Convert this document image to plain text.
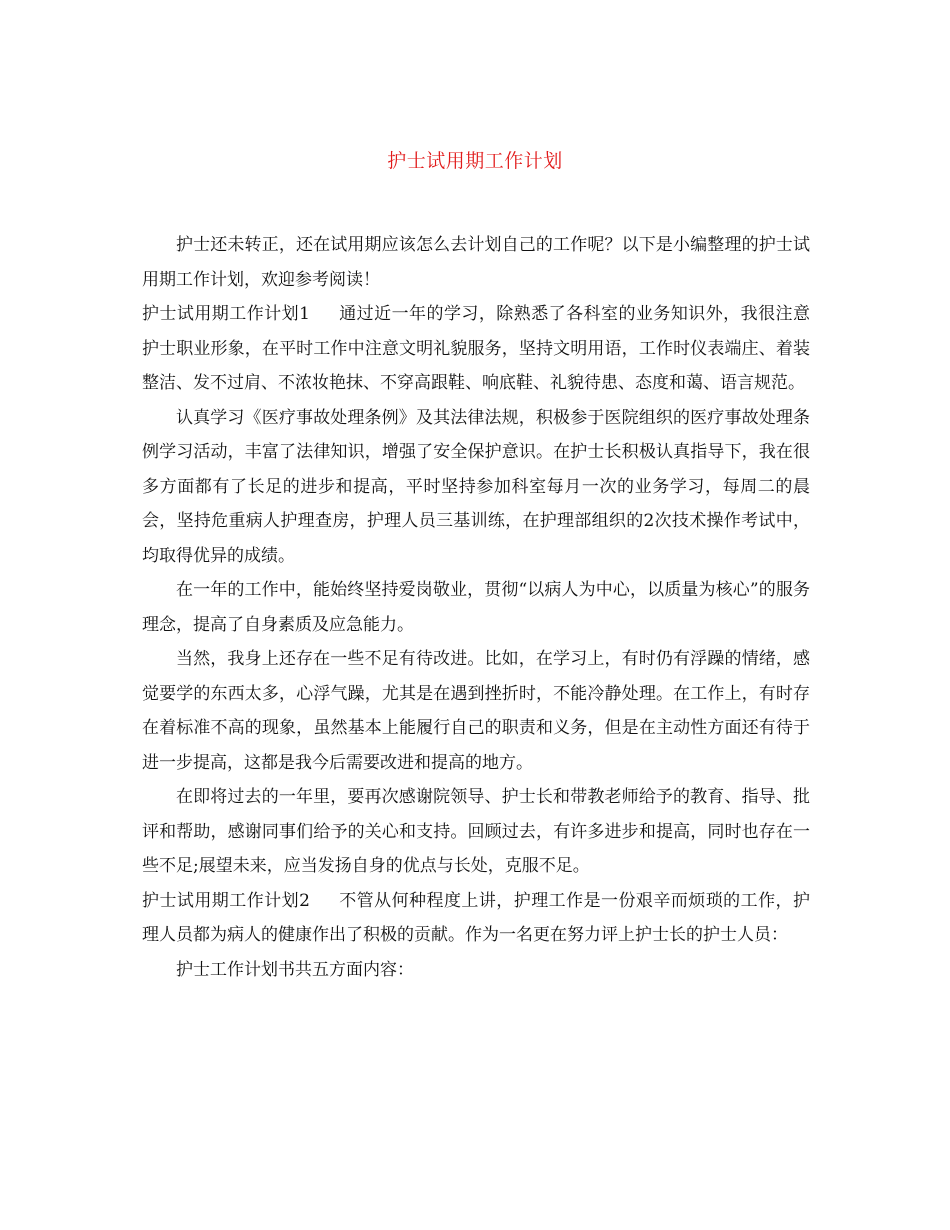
护士试用期工作计划

护士还未转正，还在试用期应该怎么去计划自己的工作呢？以下是小编整理的护士试用期工作计划，欢迎参考阅读！

护士试用期工作计划1 通过近一年的学习，除熟悉了各科室的业务知识外，我很注意护士职业形象，在平时工作中注意文明礼貌服务，坚持文明用语，工作时仪表端庄、着装整洁、发不过肩、不浓妆艳抹、不穿高跟鞋、响底鞋、礼貌待患、态度和蔼、语言规范。

认真学习《医疗事故处理条例》及其法律法规，积极参于医院组织的医疗事故处理条例学习活动，丰富了法律知识，增强了安全保护意识。在护士长积极认真指导下，我在很多方面都有了长足的进步和提高，平时坚持参加科室每月一次的业务学习，每周二的晨会，坚持危重病人护理查房，护理人员三基训练，在护理部组织的2次技术操作考试中，均取得优异的成绩。

在一年的工作中，能始终坚持爱岗敬业，贯彻“以病人为中心，以质量为核心”的服务理念，提高了自身素质及应急能力。

当然，我身上还存在一些不足有待改进。比如，在学习上，有时仍有浮躁的情绪，感觉要学的东西太多，心浮气躁，尤其是在遇到挫折时，不能冷静处理。在工作上，有时存在着标准不高的现象，虽然基本上能履行自己的职责和义务，但是在主动性方面还有待于进一步提高，这都是我今后需要改进和提高的地方。

在即将过去的一年里，要再次感谢院领导、护士长和带教老师给予的教育、指导、批评和帮助，感谢同事们给予的关心和支持。回顾过去，有许多进步和提高，同时也存在一些不足;展望未来，应当发扬自身的优点与长处，克服不足。

护士试用期工作计划2 不管从何种程度上讲，护理工作是一份艰辛而烦琐的工作，护理人员都为病人的健康作出了积极的贡献。作为一名更在努力评上护士长的护士人员：

护士工作计划书共五方面内容：
